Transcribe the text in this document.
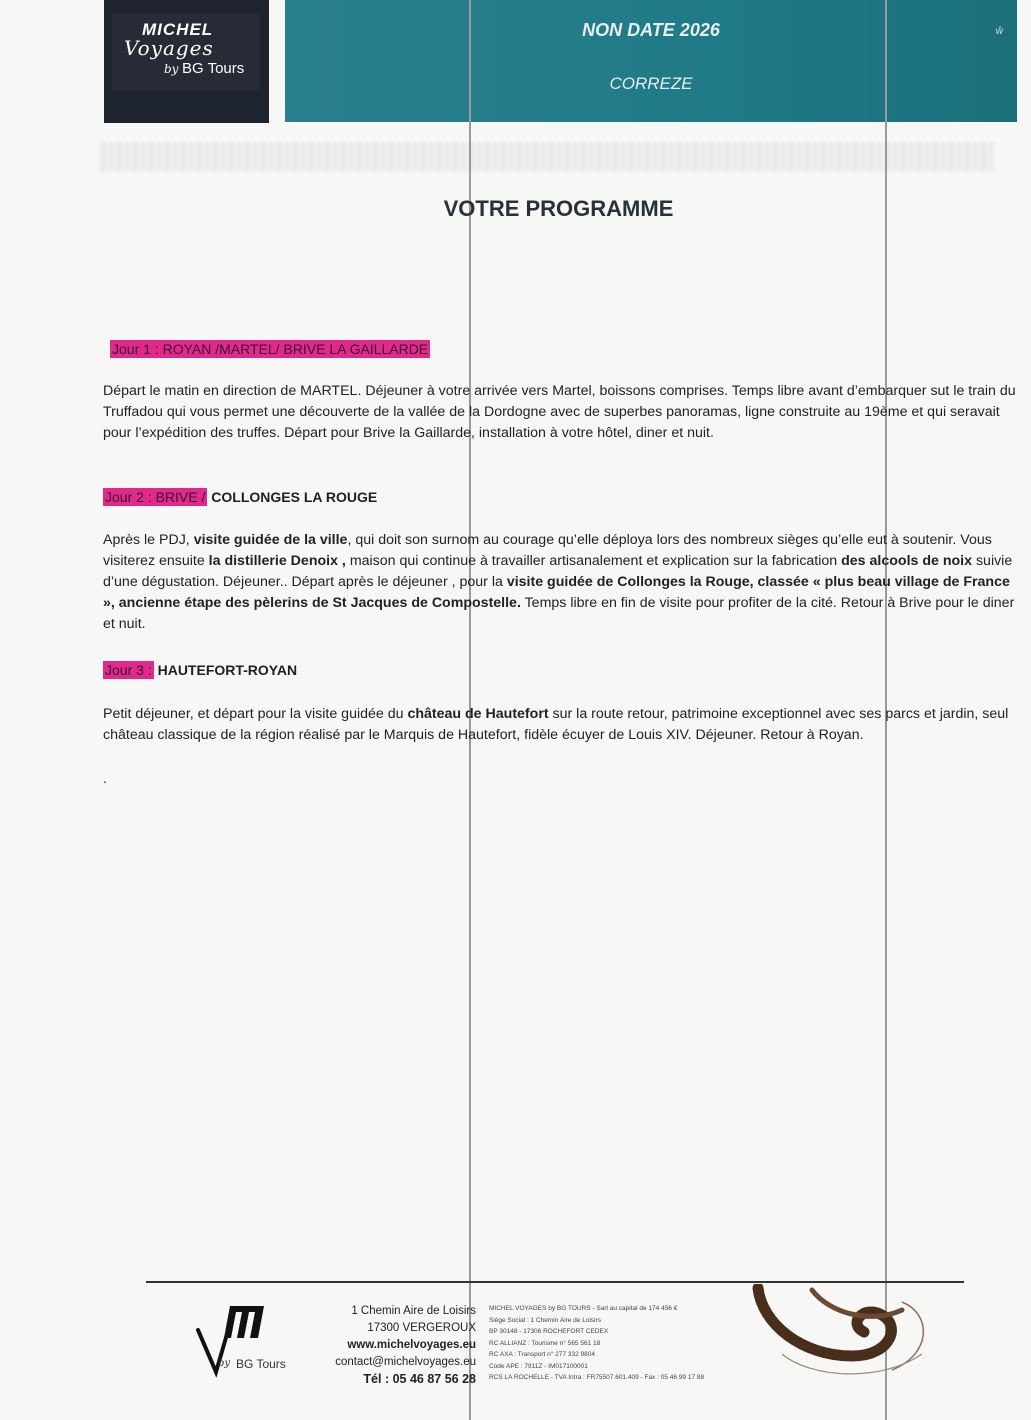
MICHEL
Voyages
by BG Tours
NON DATE 2026
CORREZE
ŵ
VOTRE PROGRAMME
Jour 1 : ROYAN /MARTEL/ BRIVE LA GAILLARDE
Départ le matin en direction de MARTEL. Déjeuner à votre arrivée vers Martel, boissons comprises. Temps libre avant d’embarquer sut le train du Truffadou qui vous permet une découverte de la vallée de la Dordogne avec de superbes panoramas, ligne construite au 19ème et qui seravait pour l’expédition des truffes. Départ pour Brive la Gaillarde, installation à votre hôtel, diner et nuit.
Jour 2 : BRIVE / COLLONGES LA ROUGE
Après le PDJ, visite guidée de la ville, qui doit son surnom au courage qu’elle déploya lors des nombreux sièges qu’elle eut à soutenir. Vous visiterez ensuite la distillerie Denoix , maison qui continue à travailler artisanalement et explication sur la fabrication des alcools de noix suivie d’une dégustation. Déjeuner.. Départ après le déjeuner , pour la visite guidée de Collonges la Rouge, classée « plus beau village de France », ancienne étape des pèlerins de St Jacques de Compostelle. Temps libre en fin de visite pour profiter de la cité. Retour à Brive pour le diner et nuit.
Jour 3 : HAUTEFORT-ROYAN
Petit déjeuner, et départ pour la visite guidée du château de Hautefort sur la route retour, patrimoine exceptionnel avec ses parcs et jardin, seul château classique de la région réalisé par le Marquis de Hautefort, fidèle écuyer de Louis XIV. Déjeuner. Retour à Royan.
.
by BG Tours
1 Chemin Aire de Loisirs
17300 VERGEROUX
www.michelvoyages.eu
contact@michelvoyages.eu
Tél : 05 46 87 56 28
MICHEL VOYAGES by BG TOURS - Sarl au capital de 174 456 €
Siège Social : 1 Chemin Aire de Loisirs
BP 30148 - 17306 ROCHEFORT CEDEX
RC ALLIANZ : Tourisme n° 565 561 18
RC AXA : Transport n° 277 332 9804
Code APE : 7911Z - IM017100001
RCS LA ROCHELLE - TVA Intra : FR75507.601.409 - Fax : 05 46 99 17 88
